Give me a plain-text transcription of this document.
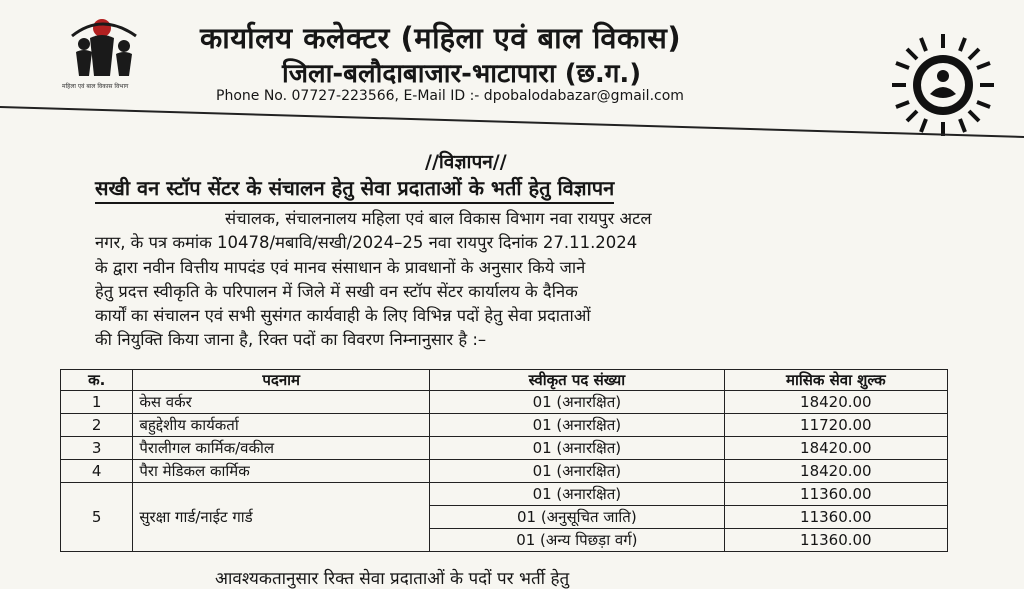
महिला एवं बाल विकास विभाग
कार्यालय कलेक्टर (महिला एवं बाल विकास)
जिला-बलौदाबाजार-भाटापारा (छ.ग.)
Phone No. 07727-223566, E-Mail ID :- dpobalodabazar@gmail.com
//विज्ञापन//
सखी वन स्टॉप सेंटर के संचालन हेतु सेवा प्रदाताओं के भर्ती हेतु विज्ञापन
संचालक, संचालनालय महिला एवं बाल विकास विभाग नवा रायपुर अटल
नगर, के पत्र कमांक 10478/मबावि/सखी/2024–25 नवा रायपुर दिनांक 27.11.2024
के द्वारा नवीन वित्तीय मापदंड एवं मानव संसाधान के प्रावधानों के अनुसार किये जाने
हेतु प्रदत्त स्वीकृति के परिपालन में जिले में सखी वन स्टॉप सेंटर कार्यालय के दैनिक
कार्यों का संचालन एवं सभी सुसंगत कार्यवाही के लिए विभिन्न पदों हेतु सेवा प्रदाताओं
की नियुक्ति किया जाना है, रिक्त पदों का विवरण निम्नानुसार है :–
क.	पदनाम	स्वीकृत पद संख्या	मासिक सेवा शुल्क
1	केस वर्कर	01 (अनारक्षित)	18420.00
2	बहुद्देशीय कार्यकर्ता	01 (अनारक्षित)	11720.00
3	पैरालीगल कार्मिक/वकील	01 (अनारक्षित)	18420.00
4	पैरा मेडिकल कार्मिक	01 (अनारक्षित)	18420.00
5	सुरक्षा गार्ड/नाईट गार्ड	01 (अनारक्षित)	11360.00
		01 (अनुसूचित जाति)	11360.00
		01 (अन्य पिछड़ा वर्ग)	11360.00
आवश्यकतानुसार रिक्त सेवा प्रदाताओं के पदों पर भर्ती हेतु
